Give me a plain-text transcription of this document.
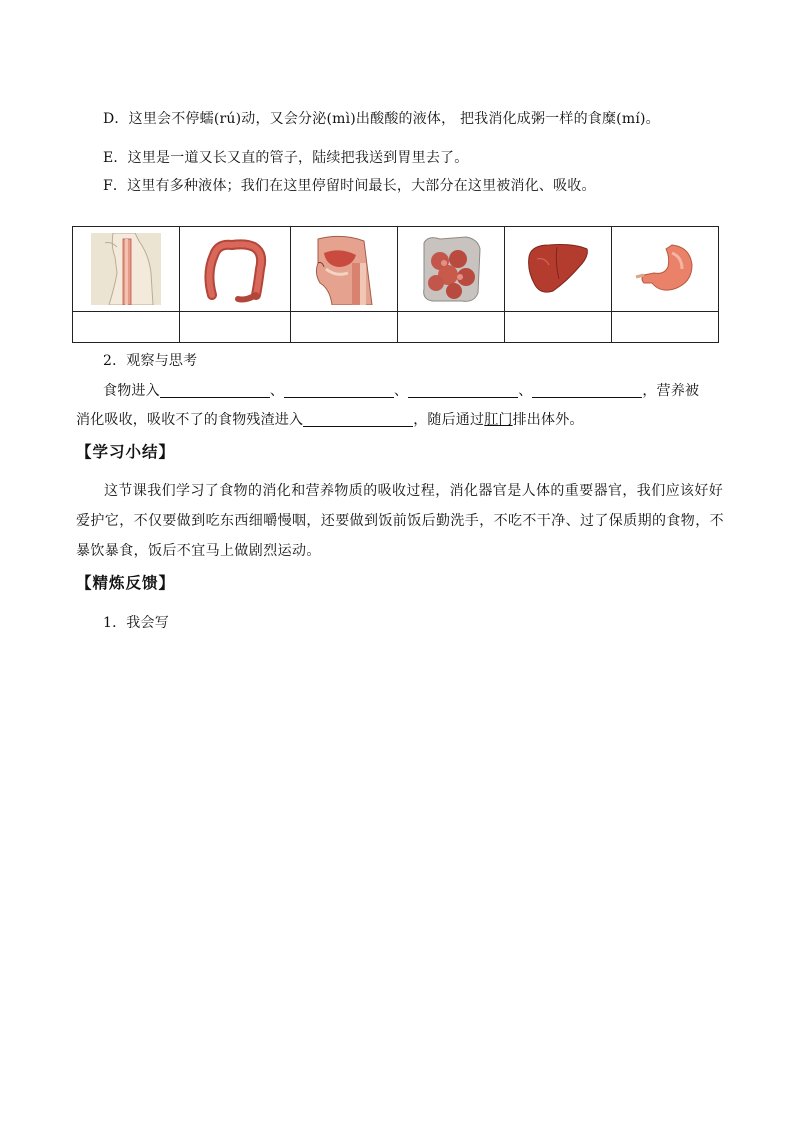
D．这里会不停蠕(rú)动，又会分泌(mì)出酸酸的液体， 把我消化成粥一样的食糜(mí)。
E．这里是一道又长又直的管子，陆续把我送到胃里去了。
F．这里有多种液体；我们在这里停留时间最长，大部分在这里被消化、吸收。

2．观察与思考
食物进入	、	、	、	，营养被
消化吸收，吸收不了的食物残渣进入	，随后通过肛门排出体外。
【学习小结】
这节课我们学习了食物的消化和营养物质的吸收过程，消化器官是人体的重要器官，我们应该好好爱护它，不仅要做到吃东西细嚼慢咽，还要做到饭前饭后勤洗手，不吃不干净、过了保质期的食物，不暴饮暴食，饭后不宜马上做剧烈运动。
【精炼反馈】
1．我会写
